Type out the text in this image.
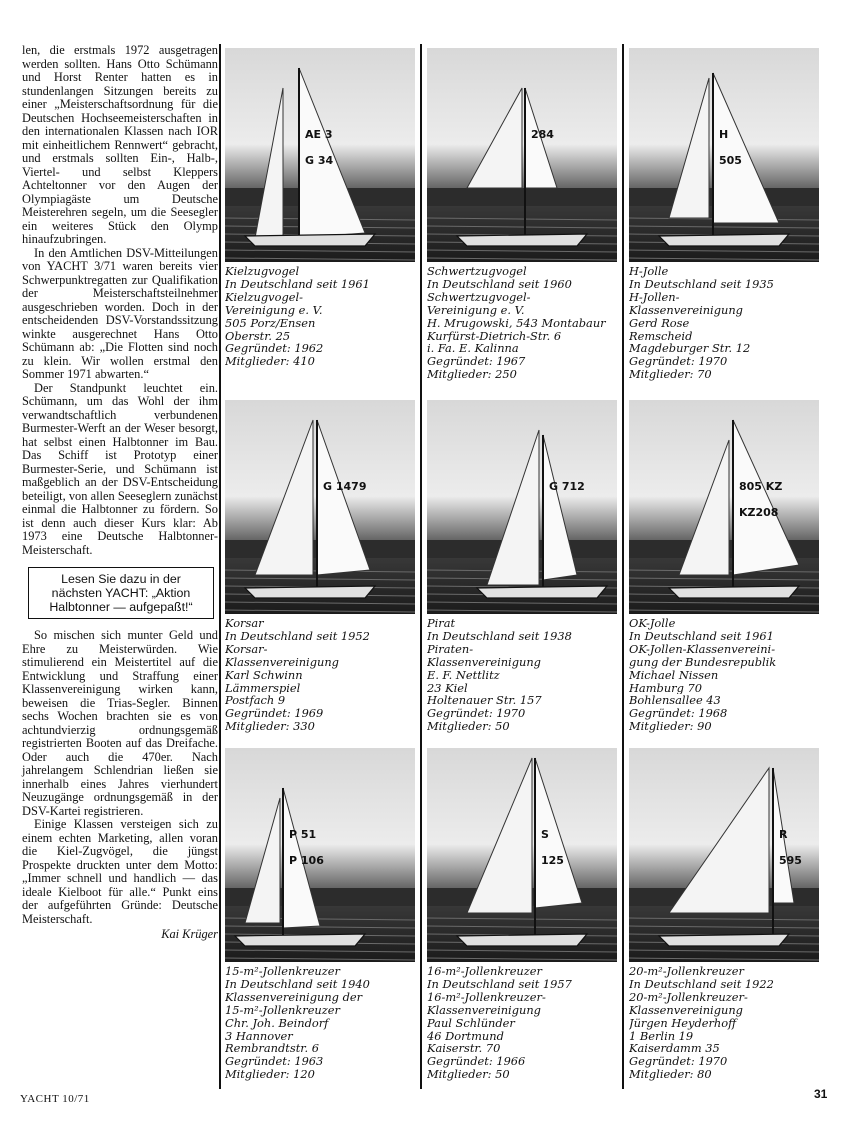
len, die erstmals 1972 ausgetragen werden sollten. Hans Otto Schümann und Horst Renter hatten es in stundenlangen Sitzungen bereits zu einer „Meisterschaftsordnung für die Deutschen Hochseemeisterschaften in den internationalen Klassen nach IOR mit einheitlichem Rennwert“ gebracht, und erstmals sollten Ein-, Halb-, Viertel- und selbst Kleppers Achteltonner vor den Augen der Olympiagäste um Deutsche Meisterehren segeln, um die Seesegler ein weiteres Stück den Olymp hinaufzubringen.

In den Amtlichen DSV-Mitteilungen von YACHT 3/71 waren bereits vier Schwerpunktregatten zur Qualifikation der Meisterschaftsteilnehmer ausgeschrieben worden. Doch in der entscheidenden DSV-Vorstandssitzung winkte ausgerechnet Hans Otto Schümann ab: „Die Flotten sind noch zu klein. Wir wollen erstmal den Sommer 1971 abwarten.“

Der Standpunkt leuchtet ein. Schümann, um das Wohl der ihm verwandtschaftlich verbundenen Burmester-Werft an der Weser besorgt, hat selbst einen Halbtonner im Bau. Das Schiff ist Prototyp einer Burmester-Serie, und Schümann ist maßgeblich an der DSV-Entscheidung beteiligt, von allen Seeseglern zunächst einmal die Halbtonner zu fördern. So ist denn auch dieser Kurs klar: Ab 1973 eine Deutsche Halbtonner-Meisterschaft.

Lesen Sie dazu in der nächsten YACHT: „Aktion
Halbtonner — aufgepaßt!“

So mischen sich munter Geld und Ehre zu Meisterwürden. Wie stimulierend ein Meistertitel auf die Entwicklung und Straffung einer Klassenvereinigung wirken kann, beweisen die Trias-Segler. Binnen sechs Wochen brachten sie es von achtundvierzig ordnungsgemäß registrierten Booten auf das Dreifache. Oder auch die 470er. Nach jahrelangem Schlendrian ließen sie innerhalb eines Jahres vierhundert Neuzugänge ordnungsgemäß in der DSV-Kartei registrieren.

Einige Klassen versteigen sich zu einem echten Marketing, allen voran die Kiel-Zugvögel, die jüngst Prospekte druckten unter dem Motto: „Immer schnell und handlich — das ideale Kielboot für alle.“ Punkt eins der aufgeführten Gründe: Deutsche Meisterschaft.

Kai Krüger
AE 3
G 34
Kielzugvogel
In Deutschland seit 1961
Kielzugvogel-
Vereinigung e. V.
505 Porz/Ensen
Oberstr. 25
Gegründet: 1962
Mitglieder: 410
284
Schwertzugvogel
In Deutschland seit 1960
Schwertzugvogel-
Vereinigung e. V.
H. Mrugowski, 543 Montabaur
Kurfürst-Dietrich-Str. 6
i. Fa. E. Kalinna
Gegründet: 1967
Mitglieder: 250
H
505
H-Jolle
In Deutschland seit 1935
H-Jollen-
Klassenvereinigung
Gerd Rose
Remscheid
Magdeburger Str. 12
Gegründet: 1970
Mitglieder: 70
G 1479
Korsar
In Deutschland seit 1952
Korsar-
Klassenvereinigung
Karl Schwinn
Lämmerspiel
Postfach 9
Gegründet: 1969
Mitglieder: 330
G 712
Pirat
In Deutschland seit 1938
Piraten-
Klassenvereinigung
E. F. Nettlitz
23 Kiel
Holtenauer Str. 157
Gegründet: 1970
Mitglieder: 50
805 KZ
KZ208
OK-Jolle
In Deutschland seit 1961
OK-Jollen-Klassenvereini-
gung der Bundesrepublik
Michael Nissen
Hamburg 70
Bohlensallee 43
Gegründet: 1968
Mitglieder: 90
P 51
P 106
15-m²-Jollenkreuzer
In Deutschland seit 1940
Klassenvereinigung der
15-m²-Jollenkreuzer
Chr. Joh. Beindorf
3 Hannover
Rembrandtstr. 6
Gegründet: 1963
Mitglieder: 120
S
125
16-m²-Jollenkreuzer
In Deutschland seit 1957
16-m²-Jollenkreuzer-
Klassenvereinigung
Paul Schlünder
46 Dortmund
Kaiserstr. 70
Gegründet: 1966
Mitglieder: 50
R
595
20-m²-Jollenkreuzer
In Deutschland seit 1922
20-m²-Jollenkreuzer-
Klassenvereinigung
Jürgen Heyderhoff
1 Berlin 19
Kaiserdamm 35
Gegründet: 1970
Mitglieder: 80
YACHT 10/71	31
